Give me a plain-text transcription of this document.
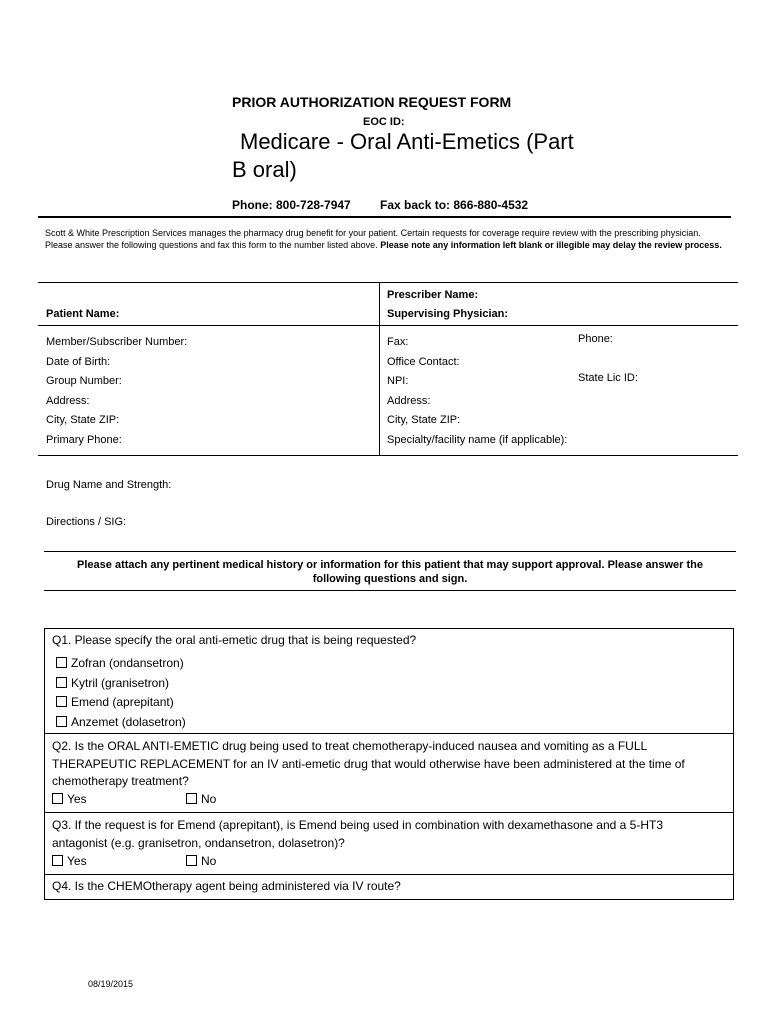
PRIOR AUTHORIZATION REQUEST FORM
EOC ID:
Medicare - Oral Anti-Emetics (Part
B oral)
Phone: 800-728-7947 Fax back to: 866-880-4532
Scott & White Prescription Services manages the pharmacy drug benefit for your patient. Certain requests for coverage require review with the prescribing physician. Please answer the following questions and fax this form to the number listed above. Please note any information left blank or illegible may delay the review process.
Patient Name:
Prescriber Name:
Supervising Physician:
Member/Subscriber Number:
Date of Birth:
Group Number:
Address:
City, State ZIP:
Primary Phone:
Fax:
Office Contact:
NPI:
Address:
City, State ZIP:
Specialty/facility name (if applicable):
Phone:
State Lic ID:
Drug Name and Strength:
Directions / SIG:
Please attach any pertinent medical history or information for this patient that may support approval. Please answer the
following questions and sign.
Q1. Please specify the oral anti-emetic drug that is being requested?
Zofran (ondansetron)
Kytril (granisetron)
Emend (aprepitant)
Anzemet (dolasetron)
Q2. Is the ORAL ANTI-EMETIC drug being used to treat chemotherapy-induced nausea and vomiting as a FULL
THERAPEUTIC REPLACEMENT for an IV anti-emetic drug that would otherwise have been administered at the time of
chemotherapy treatment?
Yes	No
Q3. If the request is for Emend (aprepitant), is Emend being used in combination with dexamethasone and a 5-HT3
antagonist (e.g. granisetron, ondansetron, dolasetron)?
Yes	No
Q4. Is the CHEMOtherapy agent being administered via IV route?
08/19/2015
